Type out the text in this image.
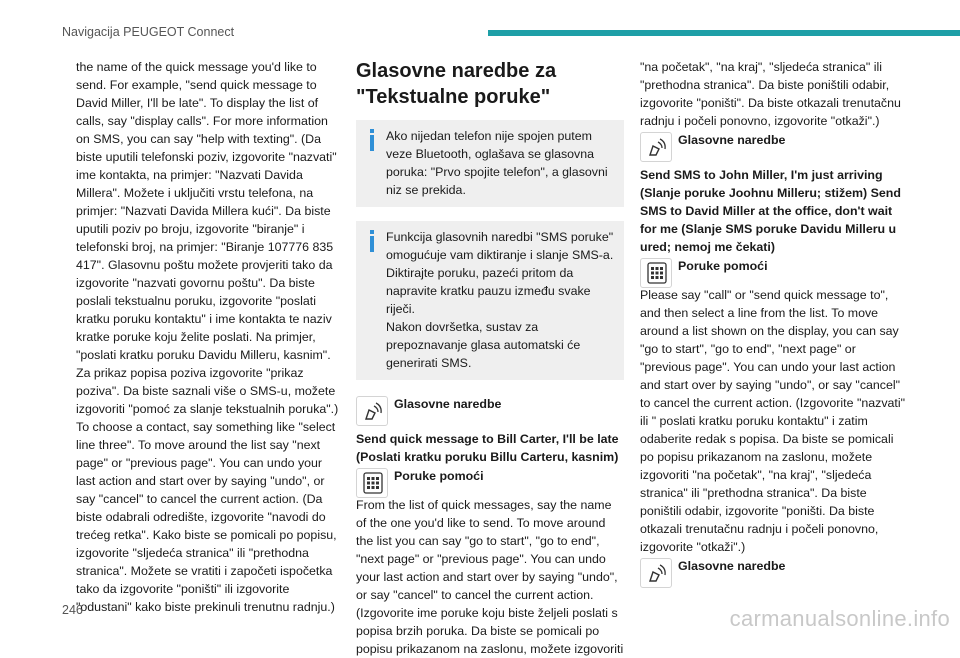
Navigacija PEUGEOT Connect

the name of the quick message you'd like to send. For example, "send quick message to David Miller, I'll be late". To display the list of calls, say "display calls". For more information on SMS, you can say "help with texting". (Da biste uputili telefonski poziv, izgovorite "nazvati" ime kontakta, na primjer: "Nazvati Davida Millera". Možete i uključiti vrstu telefona, na primjer: "Nazvati Davida Millera kući". Da biste uputili poziv po broju, izgovorite "biranje" i telefonski broj, na primjer: "Biranje 107776 835 417". Glasovnu poštu možete provjeriti tako da izgovorite "nazvati govornu poštu". Da biste poslali tekstualnu poruku, izgovorite "poslati kratku poruku kontaktu" i ime kontakta te naziv kratke poruke koju želite poslati. Na primjer, "poslati kratku poruku Davidu Milleru, kasnim". Za prikaz popisa poziva izgovorite "prikaz poziva". Da biste saznali više o SMS-u, možete izgovoriti "pomoć za slanje tekstualnih poruka".) To choose a contact, say something like "select line three". To move around the list say "next page" or "previous page". You can undo your last action and start over by saying "undo", or say "cancel" to cancel the current action. (Da biste odabrali odredište, izgovorite "navodi do trećeg retka". Kako biste se pomicali po popisu, izgovorite "sljedeća stranica" ili "prethodna stranica". Možete se vratiti i započeti ispočetka tako da izgovorite "poništi" ili izgovorite "odustani" kako biste prekinuli trenutnu radnju.)

Glasovne naredbe za "Tekstualne poruke"

Ako nijedan telefon nije spojen putem veze Bluetooth, oglašava se glasovna poruka: "Prvo spojite telefon", a glasovni niz se prekida.

Funkcija glasovnih naredbi "SMS poruke" omogućuje vam diktiranje i slanje SMS-a.

Diktirajte poruku, pazeći pritom da napravite kratku pauzu između svake riječi.

Nakon dovršetka, sustav za prepoznavanje glasa automatski će generirati SMS.

Glasovne naredbe

Send quick message to Bill Carter, I'll be late (Poslati kratku poruku Billu Carteru, kasnim)

Poruke pomoći

From the list of quick messages, say the name of the one you'd like to send. To move around the list you can say "go to start", "go to end", "next page" or "previous page". You can undo your last action and start over by saying "undo", or say "cancel" to cancel the current action. (Izgovorite ime poruke koju biste željeli poslati s popisa brzih poruka. Da biste se pomicali po popisu prikazanom na zaslonu, možete izgovoriti

"na početak", "na kraj", "sljedeća stranica" ili "prethodna stranica". Da biste poništili odabir, izgovorite "poništi". Da biste otkazali trenutačnu radnju i počeli ponovno, izgovorite "otkaži".)

Glasovne naredbe

Send SMS to John Miller, I'm just arriving (Slanje poruke Joohnu Milleru; stižem) Send SMS to David Miller at the office, don't wait for me (Slanje SMS poruke Davidu Milleru u ured; nemoj me čekati)

Poruke pomoći

Please say "call" or "send quick message to", and then select a line from the list. To move around a list shown on the display, you can say "go to start", "go to end", "next page" or "previous page". You can undo your last action and start over by saying "undo", or say "cancel" to cancel the current action. (Izgovorite "nazvati" ili " poslati kratku poruku kontaktu" i zatim odaberite redak s popisa. Da biste se pomicali po popisu prikazanom na zaslonu, možete izgovoriti "na početak", "na kraj", "sljedeća stranica" ili "prethodna stranica". Da biste poništili odabir, izgovorite "poništi. Da biste otkazali trenutačnu radnju i počeli ponovno, izgovorite "otkaži".)

Glasovne naredbe
246	carmanualsonline.info
